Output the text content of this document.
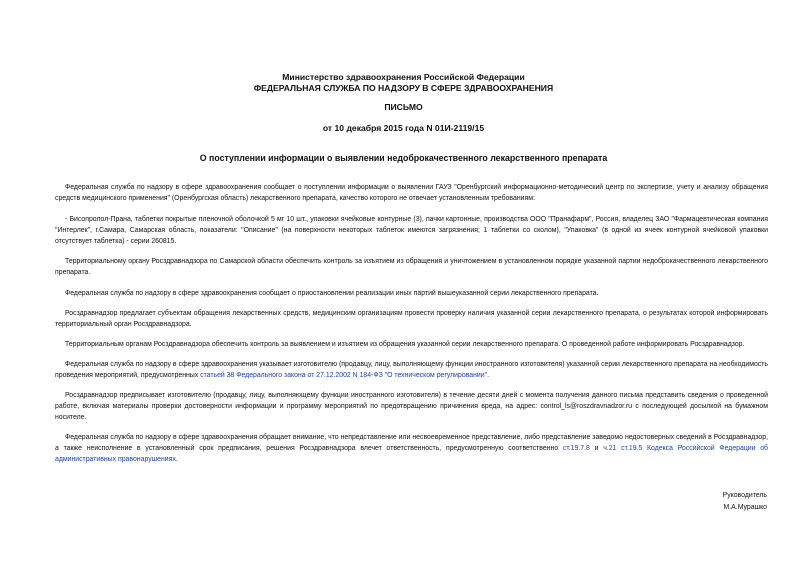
Министерство здравоохранения Российской Федерации
ФЕДЕРАЛЬНАЯ СЛУЖБА ПО НАДЗОРУ В СФЕРЕ ЗДРАВООХРАНЕНИЯ
ПИСЬМО
от 10 декабря 2015 года N 01И-2119/15
О поступлении информации о выявлении недоброкачественного лекарственного препарата
Федеральная служба по надзору в сфере здравоохранения сообщает о поступлении информации о выявлении ГАУЗ "Оренбургский информационно-методический центр по экспертизе, учету и анализу обращения средств медицинского применения" (Оренбургская область) лекарственного препарата, качество которого не отвечает установленным требованиям:
- Бисопролол-Прана, таблетки покрытые пленочной оболочкой 5 мг 10 шт., упаковки ячейковые контурные (3), пачки картонные, производства ООО "Пранафарм", Россия, владелец ЗАО "Фармацевтическая компания "Интерлек", г.Самара, Самарская область, показатели: "Описание" (на поверхности некоторых таблеток имеются загрязнения; 1 таблетки со сколом), "Упаковка" (в одной из ячеек контурной ячейковой упаковки отсутствует таблетка) - серии 260815.
Территориальному органу Росздравнадзора по Самарской области обеспечить контроль за изъятием из обращения и уничтожением в установленном порядке указанной партии недоброкачественного лекарственного препарата.
Федеральная служба по надзору в сфере здравоохранения сообщает о приостановлении реализации иных партий вышеуказанной серии лекарственного препарата.
Росздравнадзор предлагает субъектам обращения лекарственных средств, медицинским организациям провести проверку наличия указанной серии лекарственного препарата, о результатах которой информировать территориальный орган Росздравнадзора.
Территориальным органам Росздравнадзора обеспечить контроль за выявлением и изъятием из обращения указанной серии лекарственного препарата. О проведенной работе информировать Росздравнадзор.
Федеральная служба по надзору в сфере здравоохранения указывает изготовителю (продавцу, лицу, выполняющему функции иностранного изготовителя) указанной серии лекарственного препарата на необходимость проведения мероприятий, предусмотренных статьей 38 Федерального закона от 27.12.2002 N 184-ФЗ "О техническом регулировании".
Росздравнадзор предписывает изготовителю (продавцу, лицу, выполняющему функции иностранного изготовителя) в течение десяти дней с момента получения данного письма представить сведения о проведенной работе, включая материалы проверки достоверности информации и программу мероприятий по предотвращению причинения вреда, на адрес: control_ls@roszdravnadzor.ru с последующей досылкой на бумажном носителе.
Федеральная служба по надзору в сфере здравоохранения обращает внимание, что непредставление или несвоевременное представление, либо представление заведомо недостоверных сведений в Росздравнадзор, а также неисполнение в установленный срок предписания, решения Росздравнадзора влечет ответственность, предусмотренную соответственно ст.19.7.8 и ч.21 ст.19.5 Кодекса Российской Федерации об административных правонарушениях.
Руководитель
М.А.Мурашко
